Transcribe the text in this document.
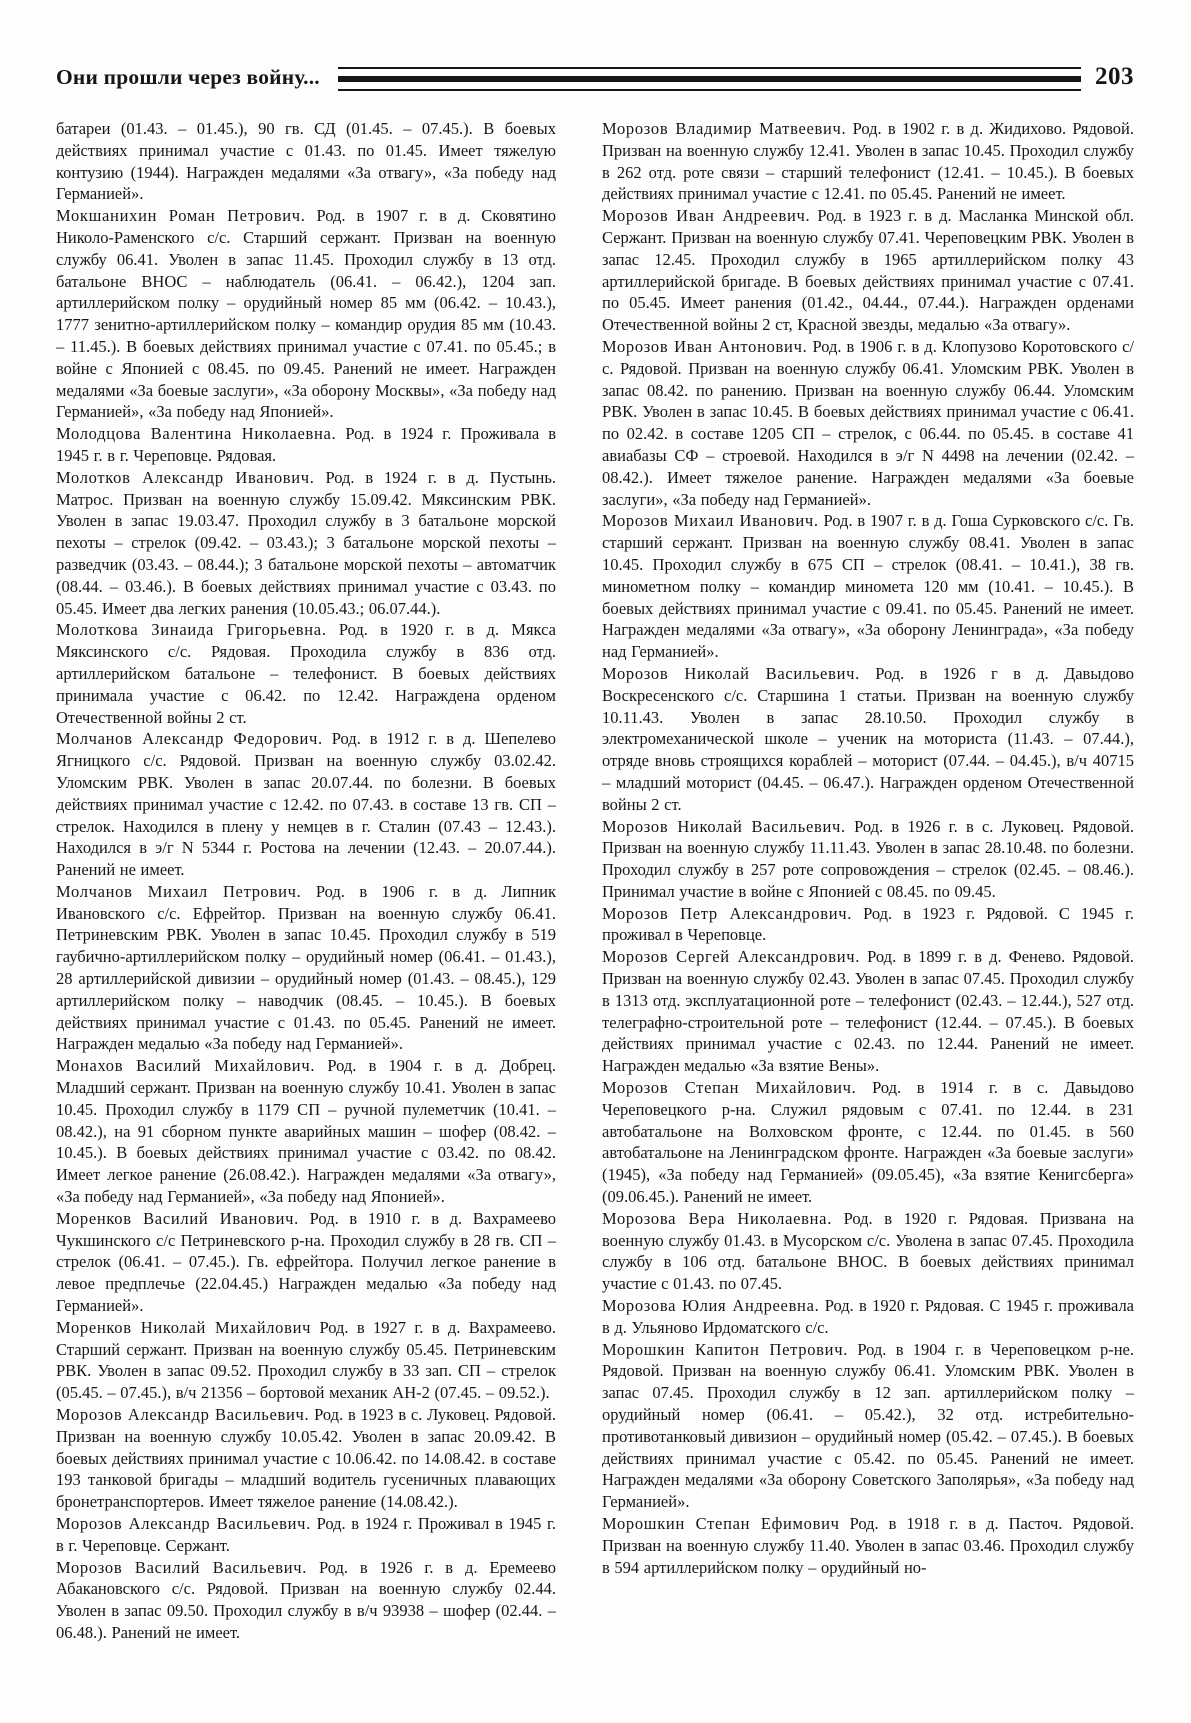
Они прошли через войну...	203

батареи (01.43. – 01.45.), 90 гв. СД (01.45. – 07.45.). В боевых действиях принимал участие с 01.43. по 01.45. Имеет тяжелую контузию (1944). Награжден медалями «За отвагу», «За победу над Германией».

Мокшанихин Роман Петрович. Род. в 1907 г. в д. Сковятино Николо-Раменского с/с. Старший сержант. Призван на военную службу 06.41. Уволен в запас 11.45. Проходил службу в 13 отд. батальоне ВНОС – наблюдатель (06.41. – 06.42.), 1204 зап. артиллерийском полку – орудийный номер 85 мм (06.42. – 10.43.), 1777 зенитно-артиллерийском полку – командир орудия 85 мм (10.43. – 11.45.). В боевых действиях принимал участие с 07.41. по 05.45.; в войне с Японией с 08.45. по 09.45. Ранений не имеет. Награжден медалями «За боевые заслуги», «За оборону Москвы», «За победу над Германией», «За победу над Японией».

Молодцова Валентина Николаевна. Род. в 1924 г. Проживала в 1945 г. в г. Череповце. Рядовая.

Молотков Александр Иванович. Род. в 1924 г. в д. Пустынь. Матрос. Призван на военную службу 15.09.42. Мяксинским РВК. Уволен в запас 19.03.47. Проходил службу в 3 батальоне морской пехоты – стрелок (09.42. – 03.43.); 3 батальоне морской пехоты – разведчик (03.43. – 08.44.); 3 батальоне морской пехоты – автоматчик (08.44. – 03.46.). В боевых действиях принимал участие с 03.43. по 05.45. Имеет два легких ранения (10.05.43.; 06.07.44.).

Молоткова Зинаида Григорьевна. Род. в 1920 г. в д. Мякса Мяксинского с/с. Рядовая. Проходила службу в 836 отд. артиллерийском батальоне – телефонист. В боевых действиях принимала участие с 06.42. по 12.42. Награждена орденом Отечественной войны 2 ст.

Молчанов Александр Федорович. Род. в 1912 г. в д. Шепелево Ягницкого с/с. Рядовой. Призван на военную службу 03.02.42. Уломским РВК. Уволен в запас 20.07.44. по болезни. В боевых действиях принимал участие с 12.42. по 07.43. в составе 13 гв. СП – стрелок. Находился в плену у немцев в г. Сталин (07.43 – 12.43.). Находился в э/г N 5344 г. Ростова на лечении (12.43. – 20.07.44.). Ранений не имеет.

Молчанов Михаил Петрович. Род. в 1906 г. в д. Липник Ивановского с/с. Ефрейтор. Призван на военную службу 06.41. Петриневским РВК. Уволен в запас 10.45. Проходил службу в 519 гаубично-артиллерийском полку – орудийный номер (06.41. – 01.43.), 28 артиллерийской дивизии – орудийный номер (01.43. – 08.45.), 129 артиллерийском полку – наводчик (08.45. – 10.45.). В боевых действиях принимал участие с 01.43. по 05.45. Ранений не имеет. Награжден медалью «За победу над Германией».

Монахов Василий Михайлович. Род. в 1904 г. в д. Добрец. Младший сержант. Призван на военную службу 10.41. Уволен в запас 10.45. Проходил службу в 1179 СП – ручной пулеметчик (10.41. – 08.42.), на 91 сборном пункте аварийных машин – шофер (08.42. – 10.45.). В боевых действиях принимал участие с 03.42. по 08.42. Имеет легкое ранение (26.08.42.). Награжден медалями «За отвагу», «За победу над Германией», «За победу над Японией».

Моренков Василий Иванович. Род. в 1910 г. в д. Вахрамеево Чукшинского с/с Петриневского р-на. Проходил службу в 28 гв. СП – стрелок (06.41. – 07.45.). Гв. ефрейтора. Получил легкое ранение в левое предплечье (22.04.45.) Награжден медалью «За победу над Германией».

Моренков Николай Михайлович Род. в 1927 г. в д. Вахрамеево. Старший сержант. Призван на военную службу 05.45. Петриневским РВК. Уволен в запас 09.52. Проходил службу в 33 зап. СП – стрелок (05.45. – 07.45.), в/ч 21356 – бортовой механик АН-2 (07.45. – 09.52.).

Морозов Александр Васильевич. Род. в 1923 в с. Луковец. Рядовой. Призван на военную службу 10.05.42. Уволен в запас 20.09.42. В боевых действиях принимал участие с 10.06.42. по 14.08.42. в составе 193 танковой бригады – младший водитель гусеничных плавающих бронетранспортеров. Имеет тяжелое ранение (14.08.42.).

Морозов Александр Васильевич. Род. в 1924 г. Проживал в 1945 г. в г. Череповце. Сержант.

Морозов Василий Васильевич. Род. в 1926 г. в д. Еремеево Абакановского с/с. Рядовой. Призван на военную службу 02.44. Уволен в запас 09.50. Проходил службу в в/ч 93938 – шофер (02.44. – 06.48.). Ранений не имеет.

Морозов Владимир Матвеевич. Род. в 1902 г. в д. Жидихово. Рядовой. Призван на военную службу 12.41. Уволен в запас 10.45. Проходил службу в 262 отд. роте связи – старший телефонист (12.41. – 10.45.). В боевых действиях принимал участие с 12.41. по 05.45. Ранений не имеет.

Морозов Иван Андреевич. Род. в 1923 г. в д. Масланка Минской обл. Сержант. Призван на военную службу 07.41. Череповецким РВК. Уволен в запас 12.45. Проходил службу в 1965 артиллерийском полку 43 артиллерийской бригаде. В боевых действиях принимал участие с 07.41. по 05.45. Имеет ранения (01.42., 04.44., 07.44.). Награжден орденами Отечественной войны 2 ст, Красной звезды, медалью «За отвагу».

Морозов Иван Антонович. Род. в 1906 г. в д. Клопузово Коротовского с/с. Рядовой. Призван на военную службу 06.41. Уломским РВК. Уволен в запас 08.42. по ранению. Призван на военную службу 06.44. Уломским РВК. Уволен в запас 10.45. В боевых действиях принимал участие с 06.41. по 02.42. в составе 1205 СП – стрелок, с 06.44. по 05.45. в составе 41 авиабазы СФ – строевой. Находился в э/г N 4498 на лечении (02.42. – 08.42.). Имеет тяжелое ранение. Награжден медалями «За боевые заслуги», «За победу над Германией».

Морозов Михаил Иванович. Род. в 1907 г. в д. Гоша Сурковского с/с. Гв. старший сержант. Призван на военную службу 08.41. Уволен в запас 10.45. Проходил службу в 675 СП – стрелок (08.41. – 10.41.), 38 гв. минометном полку – командир миномета 120 мм (10.41. – 10.45.). В боевых действиях принимал участие с 09.41. по 05.45. Ранений не имеет. Награжден медалями «За отвагу», «За оборону Ленинграда», «За победу над Германией».

Морозов Николай Васильевич. Род. в 1926 г в д. Давыдово Воскресенского с/с. Старшина 1 статьи. Призван на военную службу 10.11.43. Уволен в запас 28.10.50. Проходил службу в электромеханической школе – ученик на моториста (11.43. – 07.44.), отряде вновь строящихся кораблей – моторист (07.44. – 04.45.), в/ч 40715 – младший моторист (04.45. – 06.47.). Награжден орденом Отечественной войны 2 ст.

Морозов Николай Васильевич. Род. в 1926 г. в с. Луковец. Рядовой. Призван на военную службу 11.11.43. Уволен в запас 28.10.48. по болезни. Проходил службу в 257 роте сопровождения – стрелок (02.45. – 08.46.). Принимал участие в войне с Японией с 08.45. по 09.45.

Морозов Петр Александрович. Род. в 1923 г. Рядовой. С 1945 г. проживал в Череповце.

Морозов Сергей Александрович. Род. в 1899 г. в д. Фенево. Рядовой. Призван на военную службу 02.43. Уволен в запас 07.45. Проходил службу в 1313 отд. эксплуатационной роте – телефонист (02.43. – 12.44.), 527 отд. телеграфно-строительной роте – телефонист (12.44. – 07.45.). В боевых действиях принимал участие с 02.43. по 12.44. Ранений не имеет. Награжден медалью «За взятие Вены».

Морозов Степан Михайлович. Род. в 1914 г. в с. Давыдово Череповецкого р-на. Служил рядовым с 07.41. по 12.44. в 231 автобатальоне на Волховском фронте, с 12.44. по 01.45. в 560 автобатальоне на Ленинградском фронте. Награжден «За боевые заслуги» (1945), «За победу над Германией» (09.05.45), «За взятие Кенигсберга» (09.06.45.). Ранений не имеет.

Морозова Вера Николаевна. Род. в 1920 г. Рядовая. Призвана на военную службу 01.43. в Мусорском с/с. Уволена в запас 07.45. Проходила службу в 106 отд. батальоне ВНОС. В боевых действиях принимал участие с 01.43. по 07.45.

Морозова Юлия Андреевна. Род. в 1920 г. Рядовая. С 1945 г. проживала в д. Ульяново Ирдоматского с/с.

Морошкин Капитон Петрович. Род. в 1904 г. в Череповецком р-не. Рядовой. Призван на военную службу 06.41. Уломским РВК. Уволен в запас 07.45. Проходил службу в 12 зап. артиллерийском полку – орудийный номер (06.41. – 05.42.), 32 отд. истребительно-противотанковый дивизион – орудийный номер (05.42. – 07.45.). В боевых действиях принимал участие с 05.42. по 05.45. Ранений не имеет. Награжден медалями «За оборону Советского Заполярья», «За победу над Германией».

Морошкин Степан Ефимович Род. в 1918 г. в д. Пасточ. Рядовой. Призван на военную службу 11.40. Уволен в запас 03.46. Проходил службу в 594 артиллерийском полку – орудийный но-
